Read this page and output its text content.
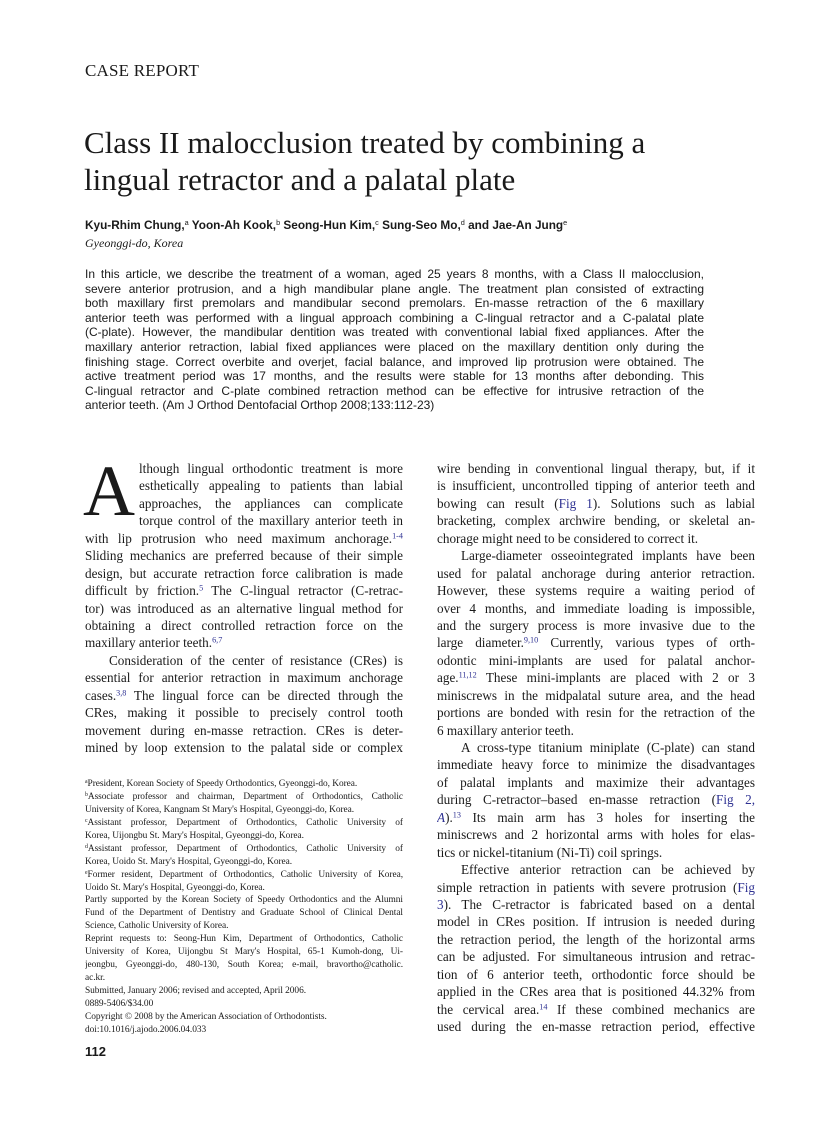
CASE REPORT
Class II malocclusion treated by combining a
lingual retractor and a palatal plate
Kyu-Rhim Chung,$^a$ Yoon-Ah Kook,$^b$ Seong-Hun Kim,$^c$ Sung-Seo Mo,$^d$ and Jae-An Jung$^e$
Gyeonggi-do, Korea
In this article, we describe the treatment of a woman, aged 25 years 8 months, with a Class II malocclusion,
severe anterior protrusion, and a high mandibular plane angle. The treatment plan consisted of extracting
both maxillary first premolars and mandibular second premolars. En-masse retraction of the 6 maxillary
anterior teeth was performed with a lingual approach combining a C-lingual retractor and a C-palatal plate
(C-plate). However, the mandibular dentition was treated with conventional labial fixed appliances. After the
maxillary anterior retraction, labial fixed appliances were placed on the maxillary dentition only during the
finishing stage. Correct overbite and overjet, facial balance, and improved lip protrusion were obtained. The
active treatment period was 17 months, and the results were stable for 13 months after debonding. This
C-lingual retractor and C-plate combined retraction method can be effective for intrusive retraction of the
anterior teeth. (Am J Orthod Dentofacial Orthop 2008;133:112-23)
A lthough lingual orthodontic treatment is more
esthetically appealing to patients than labial
approaches, the appliances can complicate
torque control of the maxillary anterior teeth in
with lip protrusion who need maximum anchorage.$^{1-4}$
Sliding mechanics are preferred because of their simple
design, but accurate retraction force calibration is made
difficult by friction.$^5$ The C-lingual retractor (C-retrac-
tor) was introduced as an alternative lingual method for
obtaining a direct controlled retraction force on the
maxillary anterior teeth.$^{6,7}$
Consideration of the center of resistance (CRes) is
essential for anterior retraction in maximum anchorage
cases.$^{3,8}$ The lingual force can be directed through the
CRes, making it possible to precisely control tooth
movement during en-masse retraction. CRes is deter-
mined by loop extension to the palatal side or complex
wire bending in conventional lingual therapy, but, if it
is insufficient, uncontrolled tipping of anterior teeth and
bowing can result (Fig 1). Solutions such as labial
bracketing, complex archwire bending, or skeletal an-
chorage might need to be considered to correct it.
Large-diameter osseointegrated implants have been
used for palatal anchorage during anterior retraction.
However, these systems require a waiting period of
over 4 months, and immediate loading is impossible,
and the surgery process is more invasive due to the
large diameter.$^{9,10}$ Currently, various types of orth-
odontic mini-implants are used for palatal anchor-
age.$^{11,12}$ These mini-implants are placed with 2 or 3
miniscrews in the midpalatal suture area, and the head
portions are bonded with resin for the retraction of the
6 maxillary anterior teeth.
A cross-type titanium miniplate (C-plate) can stand
immediate heavy force to minimize the disadvantages
of palatal implants and maximize their advantages
during C-retractor–based en-masse retraction (Fig 2,
A).$^{13}$ Its main arm has 3 holes for inserting the
miniscrews and 2 horizontal arms with holes for elas-
tics or nickel-titanium (Ni-Ti) coil springs.
Effective anterior retraction can be achieved by
simple retraction in patients with severe protrusion (Fig
3). The C-retractor is fabricated based on a dental
model in CRes position. If intrusion is needed during
the retraction period, the length of the horizontal arms
can be adjusted. For simultaneous intrusion and retrac-
tion of 6 anterior teeth, orthodontic force should be
applied in the CRes area that is positioned 44.32% from
the cervical area.$^{14}$ If these combined mechanics are
used during the en-masse retraction period, effective
$^a$President, Korean Society of Speedy Orthodontics, Gyeonggi-do, Korea.
$^b$Associate professor and chairman, Department of Orthodontics, Catholic
University of Korea, Kangnam St Mary's Hospital, Gyeonggi-do, Korea.
$^c$Assistant professor, Department of Orthodontics, Catholic University of
Korea, Uijongbu St. Mary's Hospital, Gyeonggi-do, Korea.
$^d$Assistant professor, Department of Orthodontics, Catholic University of
Korea, Uoido St. Mary's Hospital, Gyeonggi-do, Korea.
$^e$Former resident, Department of Orthodontics, Catholic University of Korea,
Uoido St. Mary's Hospital, Gyeonggi-do, Korea.
Partly supported by the Korean Society of Speedy Orthodontics and the Alumni
Fund of the Department of Dentistry and Graduate School of Clinical Dental
Science, Catholic University of Korea.
Reprint requests to: Seong-Hun Kim, Department of Orthodontics, Catholic
University of Korea, Uijongbu St Mary's Hospital, 65-1 Kumoh-dong, Ui-
jeongbu, Gyeonggi-do, 480-130, South Korea; e-mail, bravortho@catholic.
ac.kr.
Submitted, January 2006; revised and accepted, April 2006.
0889-5406/$34.00
Copyright © 2008 by the American Association of Orthodontists.
doi:10.1016/j.ajodo.2006.04.033
112
